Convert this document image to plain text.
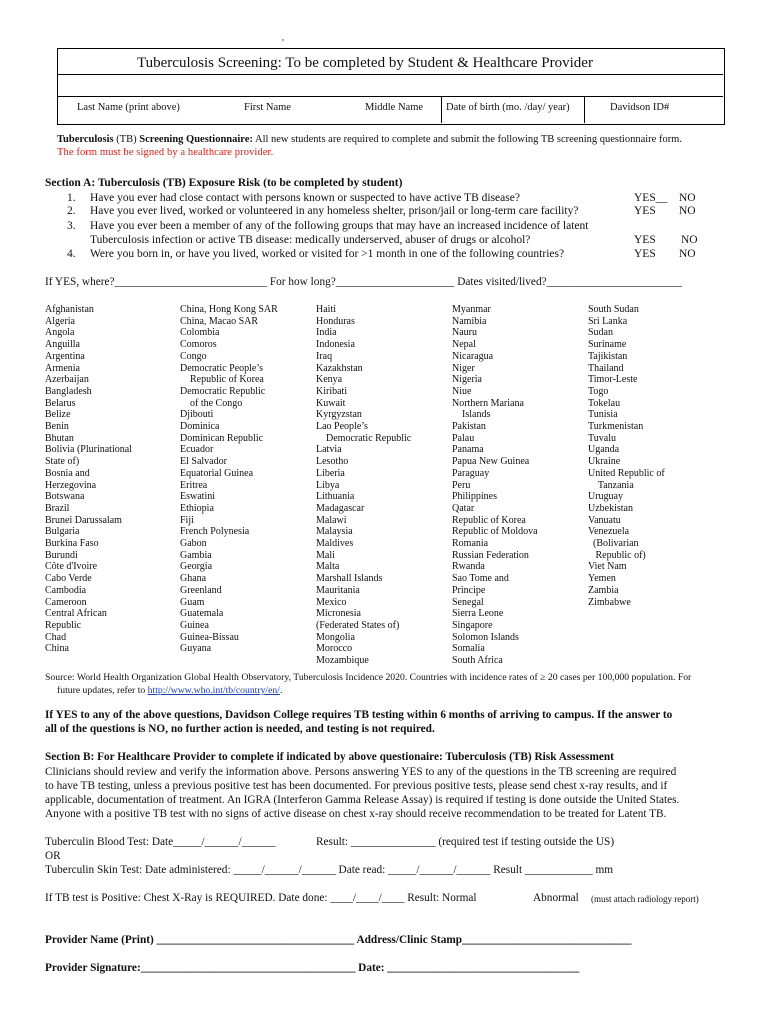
'
Tuberculosis Screening: To be completed by Student & Healthcare Provider
Last Name (print above)	First Name	Middle Name Date of birth (mo. /day/ year)	Davidson ID#
Tuberculosis (TB) Screening Questionnaire: All new students are required to complete and submit the following TB screening questionnaire form.
The form must be signed by a healthcare provider.
Section A: Tuberculosis (TB) Exposure Risk (to be completed by student)
1. Have you ever had close contact with persons known or suspected to have active TB disease?	YES__ NO
2. Have you ever lived, worked or volunteered in any homeless shelter, prison/jail or long-term care facility?	YES NO
3. Have you ever been a member of any of the following groups that may have an increased incidence of latent
Tuberculosis infection or active TB disease: medically underserved, abuser of drugs or alcohol?	YES NO
4. Were you born in, or have you lived, worked or visited for >1 month in one of the following countries?	YES NO
If YES, where?___________________________ For how long?_____________________ Dates visited/lived?________________________
Afghanistan
Algeria
Angola
Anguilla
Argentina
Armenia
Azerbaijan
Bangladesh
Belarus
Belize
Benin
Bhutan
Bolivia (Plurinational
State of)
Bosnia and
Herzegovina
Botswana
Brazil
Brunei Darussalam
Bulgaria
Burkina Faso
Burundi
Côte d'Ivoire
Cabo Verde
Cambodia
Cameroon
Central African
Republic
Chad
China
China, Hong Kong SAR
China, Macao SAR
Colombia
Comoros
Congo
Democratic People’s
Republic of Korea
Democratic Republic
of the Congo
Djibouti
Dominica
Dominican Republic
Ecuador
El Salvador
Equatorial Guinea
Eritrea
Eswatini
Ethiopia
Fiji
French Polynesia
Gabon
Gambia
Georgia
Ghana
Greenland
Guam
Guatemala
Guinea
Guinea-Bissau
Guyana
Haiti
Honduras
India
Indonesia
Iraq
Kazakhstan
Kenya
Kiribati
Kuwait
Kyrgyzstan
Lao People’s
Democratic Republic
Latvia
Lesotho
Liberia
Libya
Lithuania
Madagascar
Malawi
Malaysia
Maldives
Mali
Malta
Marshall Islands
Mauritania
Mexico
Micronesia
(Federated States of)
Mongolia
Morocco
Mozambique
Myanmar
Namibia
Nauru
Nepal
Nicaragua
Niger
Nigeria
Niue
Northern Mariana
Islands
Pakistan
Palau
Panama
Papua New Guinea
Paraguay
Peru
Philippines
Qatar
Republic of Korea
Republic of Moldova
Romania
Russian Federation
Rwanda
Sao Tome and
Principe
Senegal
Sierra Leone
Singapore
Solomon Islands
Somalia
South Africa
South Sudan
Sri Lanka
Sudan
Suriname
Tajikistan
Thailand
Timor-Leste
Togo
Tokelau
Tunisia
Turkmenistan
Tuvalu
Uganda
Ukraine
United Republic of
Tanzania
Uruguay
Uzbekistan
Vanuatu
Venezuela
(Bolivarian
Republic of)
Viet Nam
Yemen
Zambia
Zimbabwe
Source: World Health Organization Global Health Observatory, Tuberculosis Incidence 2020. Countries with incidence rates of ≥ 20 cases per 100,000 population. For
future updates, refer to http://www.who.int/tb/country/en/.
If YES to any of the above questions, Davidson College requires TB testing within 6 months of arriving to campus. If the answer to
all of the questions is NO, no further action is needed, and testing is not required.
Section B: For Healthcare Provider to complete if indicated by above questionaire: Tuberculosis (TB) Risk Assessment
Clinicians should review and verify the information above. Persons answering YES to any of the questions in the TB screening are required
to have TB testing, unless a previous positive test has been documented. For previous positive tests, please send chest x-ray results, and if
applicable, documentation of treatment. An IGRA (Interferon Gamma Release Assay) is required if testing is done outside the United States.
Anyone with a positive TB test with no signs of active disease on chest x-ray should receive recommendation to be treated for Latent TB.
Tuberculin Blood Test: Date_____/______/______	Result: _______________ (required test if testing outside the US)
OR
Tuberculin Skin Test: Date administered: _____/______/______ Date read: _____/______/______ Result ____________ mm
If TB test is Positive: Chest X-Ray is REQUIRED. Date done: ____/____/____ Result: Normal	Abnormal (must attach radiology report)
Provider Name (Print) ___________________________________ Address/Clinic Stamp______________________________
Provider Signature:______________________________________ Date: __________________________________
